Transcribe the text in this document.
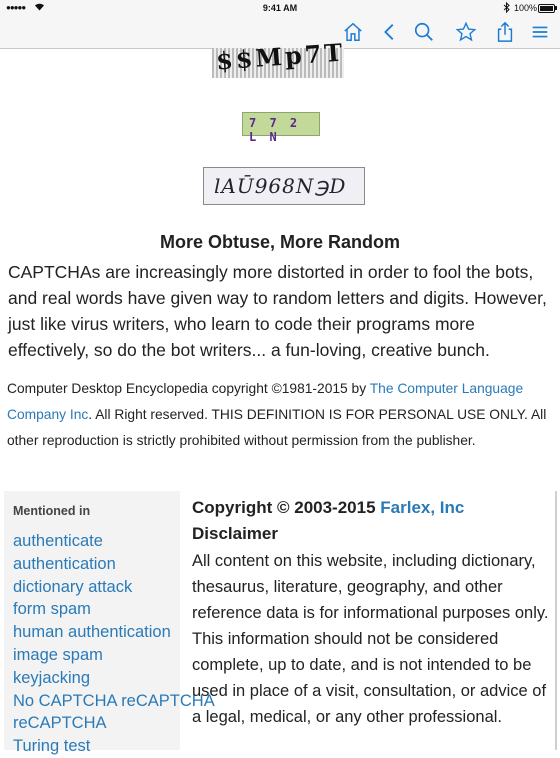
●●●●●	9:41 AM	100%
$$Mp7T
7 7 2 L N
lAŪ968N℈D
More Obtuse, More Random

CAPTCHAs are increasingly more distorted in order to fool the bots, and real words have given way to random letters and digits. However, just like virus writers, who learn to code their programs more effectively, so do the bot writers... a fun-loving, creative bunch.

Computer Desktop Encyclopedia copyright ©1981-2015 by The Computer Language Company Inc. All Right reserved. THIS DEFINITION IS FOR PERSONAL USE ONLY. All other reproduction is strictly prohibited without permission from the publisher.

Mentioned in
authenticate
authentication
dictionary attack
form spam
human authentication
image spam
keyjacking
No CAPTCHA reCAPTCHA
reCAPTCHA
Turing test
Copyright © 2003-2015 Farlex, Inc
Disclaimer

All content on this website, including dictionary, thesaurus, literature, geography, and other reference data is for informational purposes only. This information should not be considered complete, up to date, and is not intended to be used in place of a visit, consultation, or advice of a legal, medical, or any other professional.
